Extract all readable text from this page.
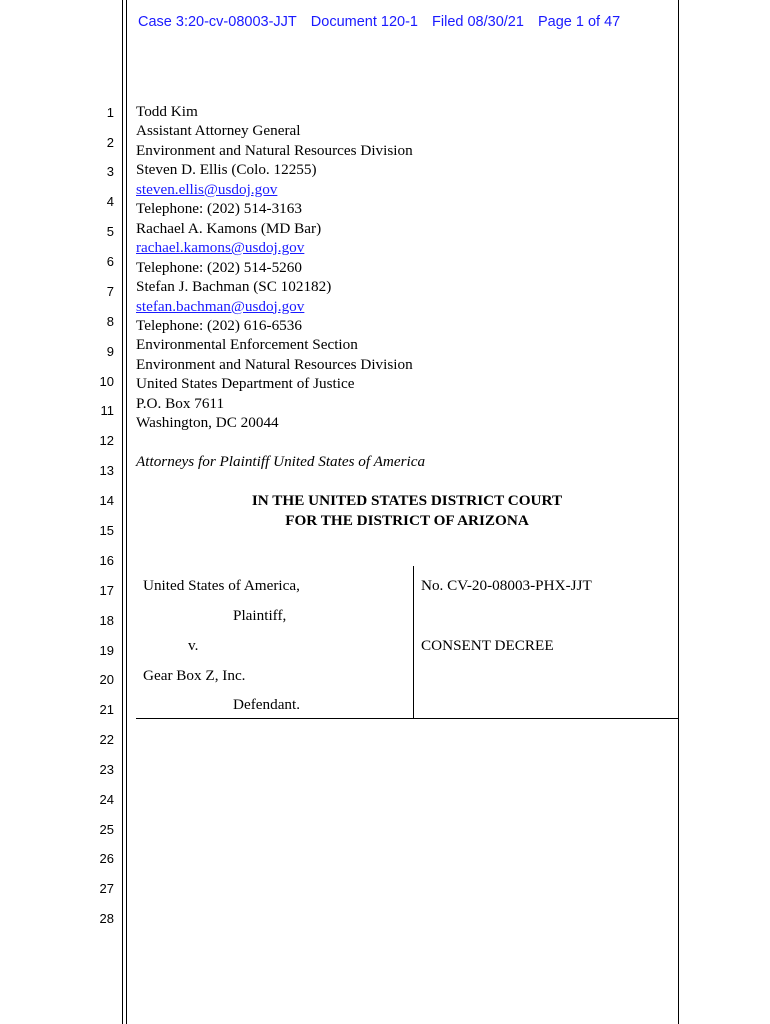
Case 3:20-cv-08003-JJT Document 120-1 Filed 08/30/21 Page 1 of 47
1
2
3
4
5
6
7
8
9
10
11
12
13
14
15
16
17
18
19
20
21
22
23
24
25
26
27
28
Todd Kim
Assistant Attorney General
Environment and Natural Resources Division
Steven D. Ellis (Colo. 12255)
steven.ellis@usdoj.gov
Telephone: (202) 514-3163
Rachael A. Kamons (MD Bar)
rachael.kamons@usdoj.gov
Telephone: (202) 514-5260
Stefan J. Bachman (SC 102182)
stefan.bachman@usdoj.gov
Telephone: (202) 616-6536
Environmental Enforcement Section
Environment and Natural Resources Division
United States Department of Justice
P.O. Box 7611
Washington, DC 20044
Attorneys for Plaintiff United States of America
IN THE UNITED STATES DISTRICT COURT
FOR THE DISTRICT OF ARIZONA
United States of America,
Plaintiff,
v.
Gear Box Z, Inc.
Defendant.
No. CV-20-08003-PHX-JJT
CONSENT DECREE
